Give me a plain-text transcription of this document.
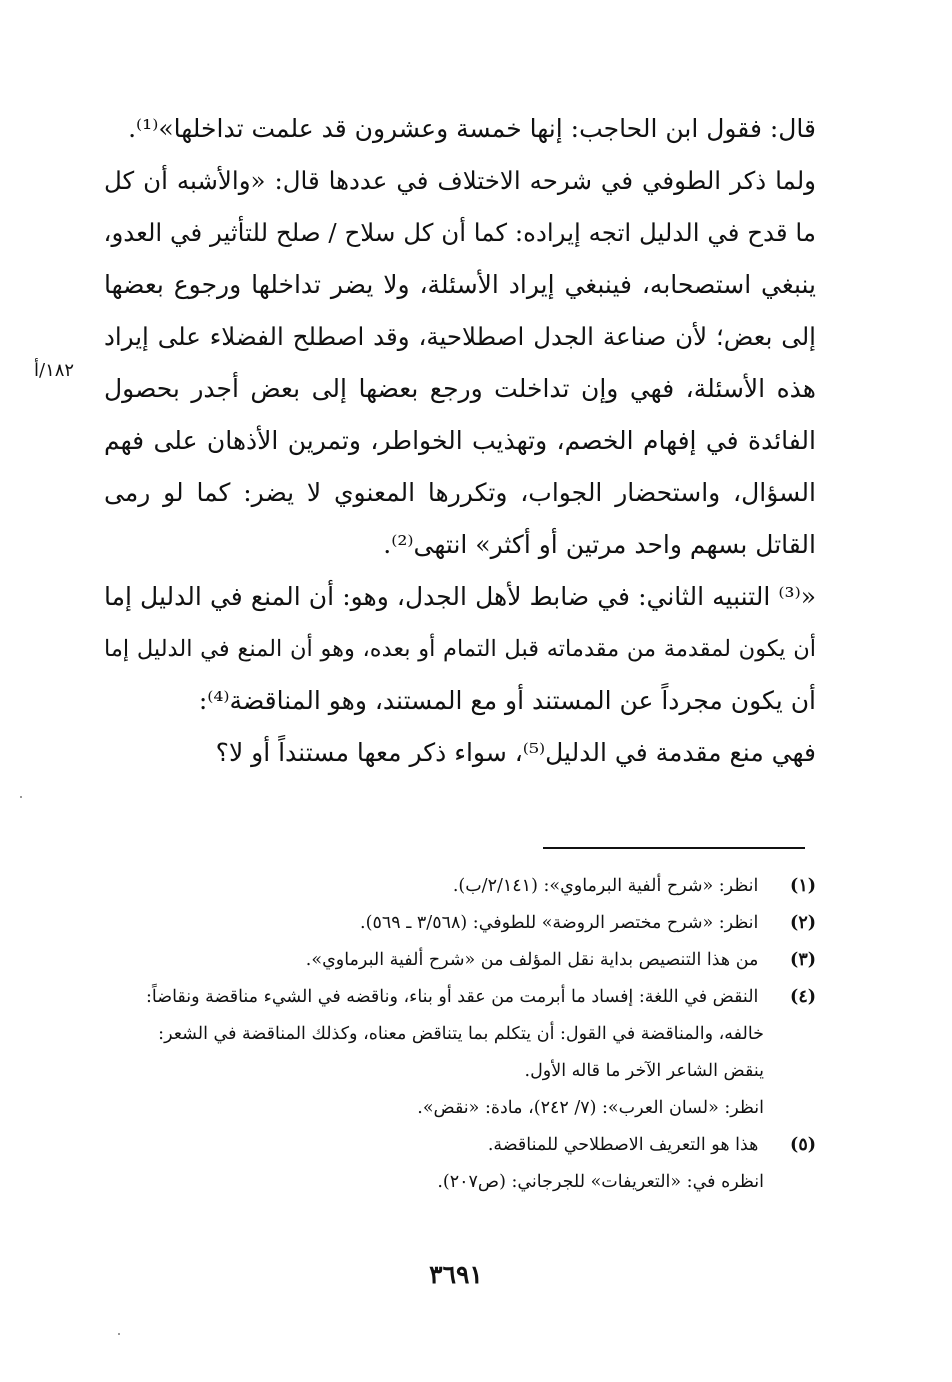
١٨٢/أ
قال: فقول ابن الحاجب: إنها خمسة وعشرون قد علمت تداخلها»⁽¹⁾.
ولما ذكر الطوفي في شرحه الاختلاف في عددها قال: «والأشبه أن كل
ما قدح في الدليل اتجه إيراده: كما أن كل سلاح / صلح للتأثير في العدو،
ينبغي استصحابه، فينبغي إيراد الأسئلة، ولا يضر تداخلها ورجوع بعضها
إلى بعض؛ لأن صناعة الجدل اصطلاحية، وقد اصطلح الفضلاء على إيراد
هذه الأسئلة، فهي وإن تداخلت ورجع بعضها إلى بعض أجدر بحصول
الفائدة في إفهام الخصم، وتهذيب الخواطر، وتمرين الأذهان على فهم
السؤال، واستحضار الجواب، وتكررها المعنوي لا يضر: كما لو رمى
القاتل بسهم واحد مرتين أو أكثر» انتهى⁽²⁾.
«⁽³⁾ التنبيه الثاني: في ضابط لأهل الجدل، وهو: أن المنع في الدليل إما
أن يكون لمقدمة من مقدماته قبل التمام أو بعده، وهو أن المنع في الدليل إما
أن يكون مجرداً عن المستند أو مع المستند، وهو المناقضة⁽⁴⁾:
فهي منع مقدمة في الدليل⁽⁵⁾، سواء ذكر معها مستنداً أو لا؟
(١) انظر: «شرح ألفية البرماوي»: (٢/١٤١/ب).
(٢) انظر: «شرح مختصر الروضة» للطوفي: (٣/٥٦٨ ـ ٥٦٩).
(٣) من هذا التنصيص بداية نقل المؤلف من «شرح ألفية البرماوي».
(٤) النقض في اللغة: إفساد ما أبرمت من عقد أو بناء، وناقضه في الشيء مناقضة ونقاضاً:
خالفه، والمناقضة في القول: أن يتكلم بما يتناقض معناه، وكذلك المناقضة في الشعر:
ينقض الشاعر الآخر ما قاله الأول.
انظر: «لسان العرب»: (٧/ ٢٤٢)، مادة: «نقض».
(٥) هذا هو التعريف الاصطلاحي للمناقضة.
انظره في: «التعريفات» للجرجاني: (ص٢٠٧).
٣٦٩١
